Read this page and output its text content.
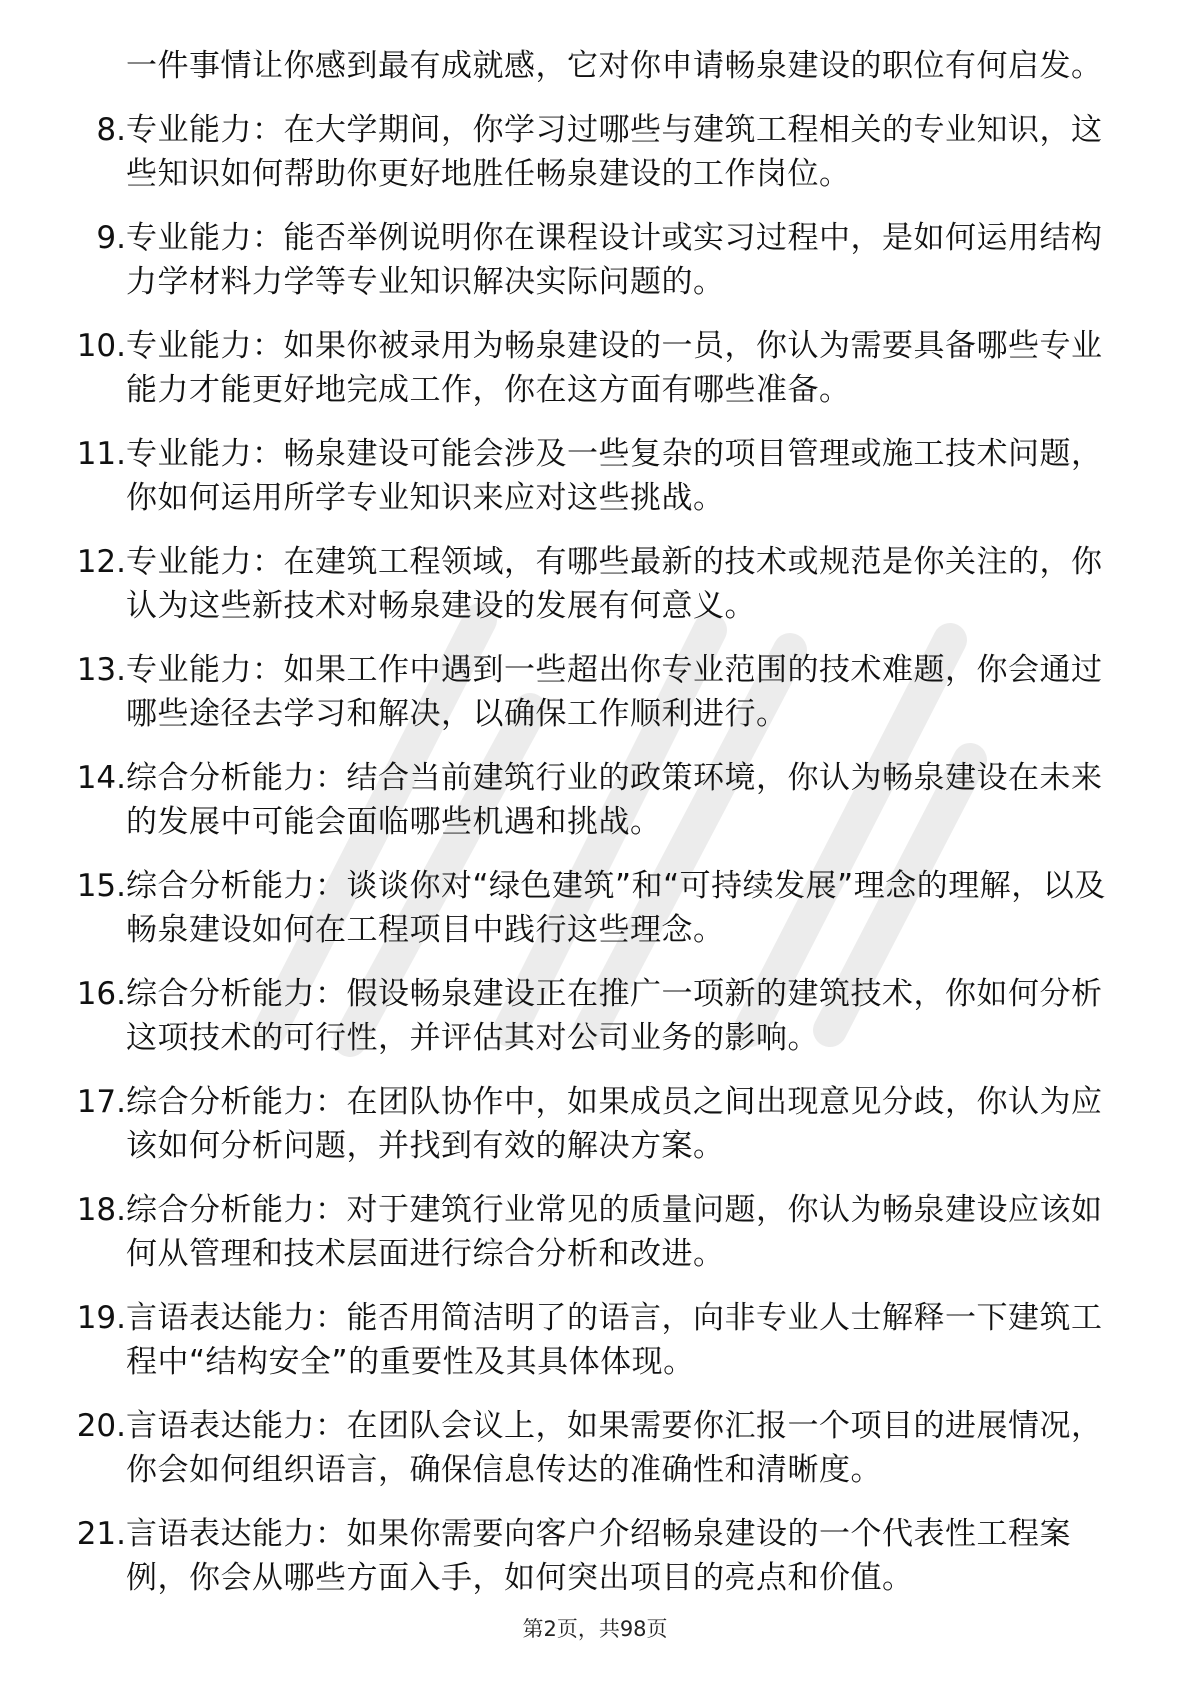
一件事情让你感到最有成就感，它对你申请畅泉建设的职位有何启发。
8. 专业能力：在大学期间，你学习过哪些与建筑工程相关的专业知识，这些知识如何帮助你更好地胜任畅泉建设的工作岗位。
9. 专业能力：能否举例说明你在课程设计或实习过程中，是如何运用结构力学材料力学等专业知识解决实际问题的。
10. 专业能力：如果你被录用为畅泉建设的一员，你认为需要具备哪些专业能力才能更好地完成工作，你在这方面有哪些准备。
11. 专业能力：畅泉建设可能会涉及一些复杂的项目管理或施工技术问题，你如何运用所学专业知识来应对这些挑战。
12. 专业能力：在建筑工程领域，有哪些最新的技术或规范是你关注的，你认为这些新技术对畅泉建设的发展有何意义。
13. 专业能力：如果工作中遇到一些超出你专业范围的技术难题，你会通过哪些途径去学习和解决，以确保工作顺利进行。
14. 综合分析能力：结合当前建筑行业的政策环境，你认为畅泉建设在未来的发展中可能会面临哪些机遇和挑战。
15. 综合分析能力：谈谈你对“绿色建筑”和“可持续发展”理念的理解，以及畅泉建设如何在工程项目中践行这些理念。
16. 综合分析能力：假设畅泉建设正在推广一项新的建筑技术，你如何分析这项技术的可行性，并评估其对公司业务的影响。
17. 综合分析能力：在团队协作中，如果成员之间出现意见分歧，你认为应该如何分析问题，并找到有效的解决方案。
18. 综合分析能力：对于建筑行业常见的质量问题，你认为畅泉建设应该如何从管理和技术层面进行综合分析和改进。
19. 言语表达能力：能否用简洁明了的语言，向非专业人士解释一下建筑工程中“结构安全”的重要性及其具体体现。
20. 言语表达能力：在团队会议上，如果需要你汇报一个项目的进展情况，你会如何组织语言，确保信息传达的准确性和清晰度。
21. 言语表达能力：如果你需要向客户介绍畅泉建设的一个代表性工程案例，你会从哪些方面入手，如何突出项目的亮点和价值。
第2页，共98页
